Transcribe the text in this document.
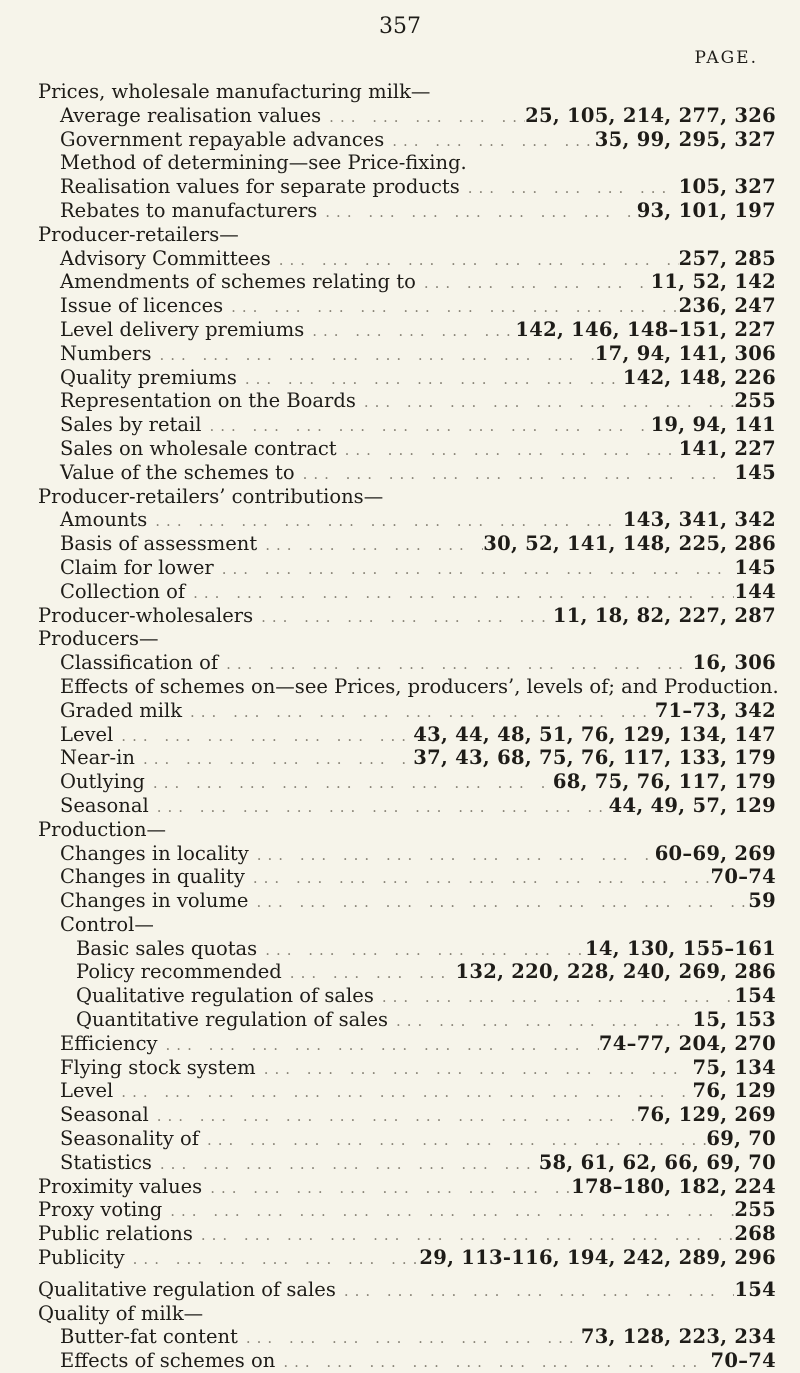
357
PAGE.
Prices, wholesale manufacturing milk—
Average realisation values ... .	25, 105, 214, 277, 326
Government repayable advances ... .	35, 99, 295, 327
Method of determining—see Price-fixing.
Realisation values for separate products ... .	105, 327
Rebates to manufacturers ... .	93, 101, 197
Producer-retailers—
Advisory Committees ... .	257, 285
Amendments of schemes relating to ... .	11, 52, 142
Issue of licences ... .	236, 247
Level delivery premiums ... .	142, 146, 148–151, 227
Numbers ... .	17, 94, 141, 306
Quality premiums ... .	142, 148, 226
Representation on the Boards ... .	255
Sales by retail ... .	19, 94, 141
Sales on wholesale contract ... .	141, 227
Value of the schemes to ... .	145
Producer-retailers’ contributions—
Amounts ... .	143, 341, 342
Basis of assessment ... .	30, 52, 141, 148, 225, 286
Claim for lower ... .	145
Collection of ... .	144
Producer-wholesalers ... .	11, 18, 82, 227, 287
Producers—
Classification of ... .	16, 306
Effects of schemes on—see Prices, producers’, levels of; and Production.
Graded milk ... .	71–73, 342
Level ... .	43, 44, 48, 51, 76, 129, 134, 147
Near-in ... .	37, 43, 68, 75, 76, 117, 133, 179
Outlying ... .	68, 75, 76, 117, 179
Seasonal ... .	44, 49, 57, 129
Production—
Changes in locality ... .	60–69, 269
Changes in quality ... .	70–74
Changes in volume ... .	59
Control—
Basic sales quotas ... .	14, 130, 155–161
Policy recommended ... .	132, 220, 228, 240, 269, 286
Qualitative regulation of sales ... .	154
Quantitative regulation of sales ... .	15, 153
Efficiency ... .	74–77, 204, 270
Flying stock system ... .	75, 134
Level ... .	76, 129
Seasonal ... .	76, 129, 269
Seasonality of ... .	69, 70
Statistics ... .	58, 61, 62, 66, 69, 70
Proximity values ... .	178–180, 182, 224
Proxy voting ... .	255
Public relations ... .	268
Publicity ... .	29, 113-116, 194, 242, 289, 296
Qualitative regulation of sales ... .	154
Quality of milk—
Butter-fat content ... .	73, 128, 223, 234
Effects of schemes on ... .	70–74
